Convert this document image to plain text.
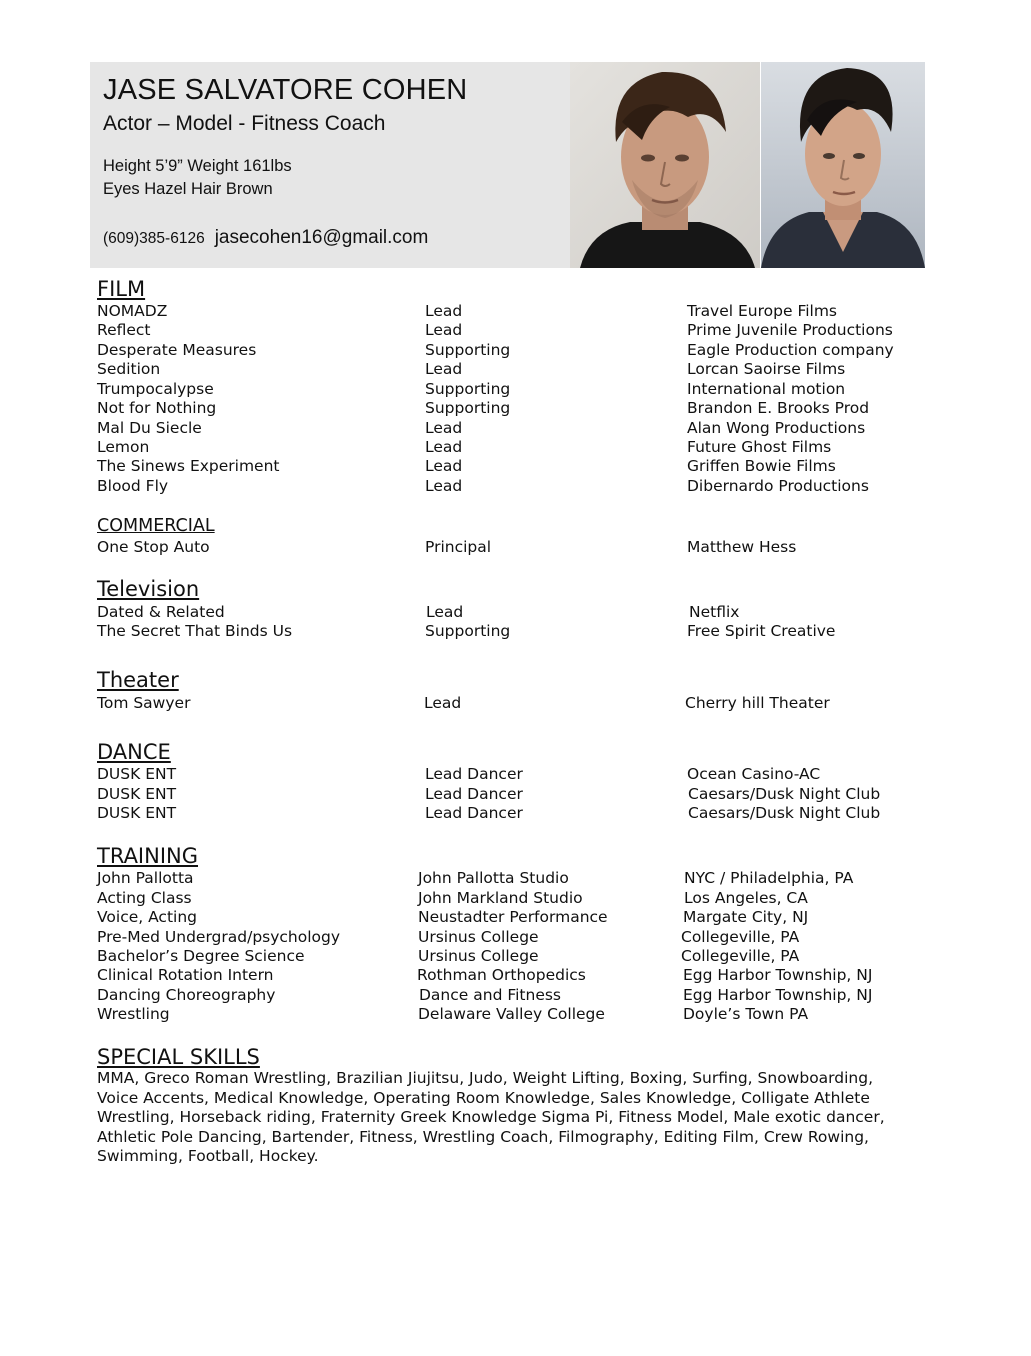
JASE SALVATORE COHEN
Actor – Model - Fitness Coach
Height 5’9” Weight 161lbs
Eyes Hazel Hair Brown
(609)385-6126 jasecohen16@gmail.com
FILM
NOMADZ	Lead	Travel Europe Films
Reflect	Lead	Prime Juvenile Productions
Desperate Measures	Supporting	Eagle Production company
Sedition	Lead	Lorcan Saoirse Films
Trumpocalypse	Supporting	International motion
Not for Nothing	Supporting	Brandon E. Brooks Prod
Mal Du Siecle	Lead	Alan Wong Productions
Lemon	Lead	Future Ghost Films
The Sinews Experiment	Lead	Griffen Bowie Films
Blood Fly	Lead	Dibernardo Productions
COMMERCIAL
One Stop Auto	Principal	Matthew Hess
Television
Dated & Related	Lead	Netflix
The Secret That Binds Us	Supporting	Free Spirit Creative
Theater
Tom Sawyer	Lead	Cherry hill Theater
DANCE
DUSK ENT	Lead Dancer	Ocean Casino-AC
DUSK ENT	Lead Dancer	Caesars/Dusk Night Club
DUSK ENT	Lead Dancer	Caesars/Dusk Night Club
TRAINING
John Pallotta	John Pallotta Studio	NYC / Philadelphia, PA
Acting Class	John Markland Studio	Los Angeles, CA
Voice, Acting	Neustadter Performance	Margate City, NJ
Pre-Med Undergrad/psychology	Ursinus College	Collegeville, PA
Bachelor’s Degree Science	Ursinus College	Collegeville, PA
Clinical Rotation Intern	Rothman Orthopedics	Egg Harbor Township, NJ
Dancing Choreography	Dance and Fitness	Egg Harbor Township, NJ
Wrestling	Delaware Valley College	Doyle’s Town PA
SPECIAL SKILLS
MMA, Greco Roman Wrestling, Brazilian Jiujitsu, Judo, Weight Lifting, Boxing, Surfing, Snowboarding,
Voice Accents, Medical Knowledge, Operating Room Knowledge, Sales Knowledge, Colligate Athlete
Wrestling, Horseback riding, Fraternity Greek Knowledge Sigma Pi, Fitness Model, Male exotic dancer,
Athletic Pole Dancing, Bartender, Fitness, Wrestling Coach, Filmography, Editing Film, Crew Rowing,
Swimming, Football, Hockey.
